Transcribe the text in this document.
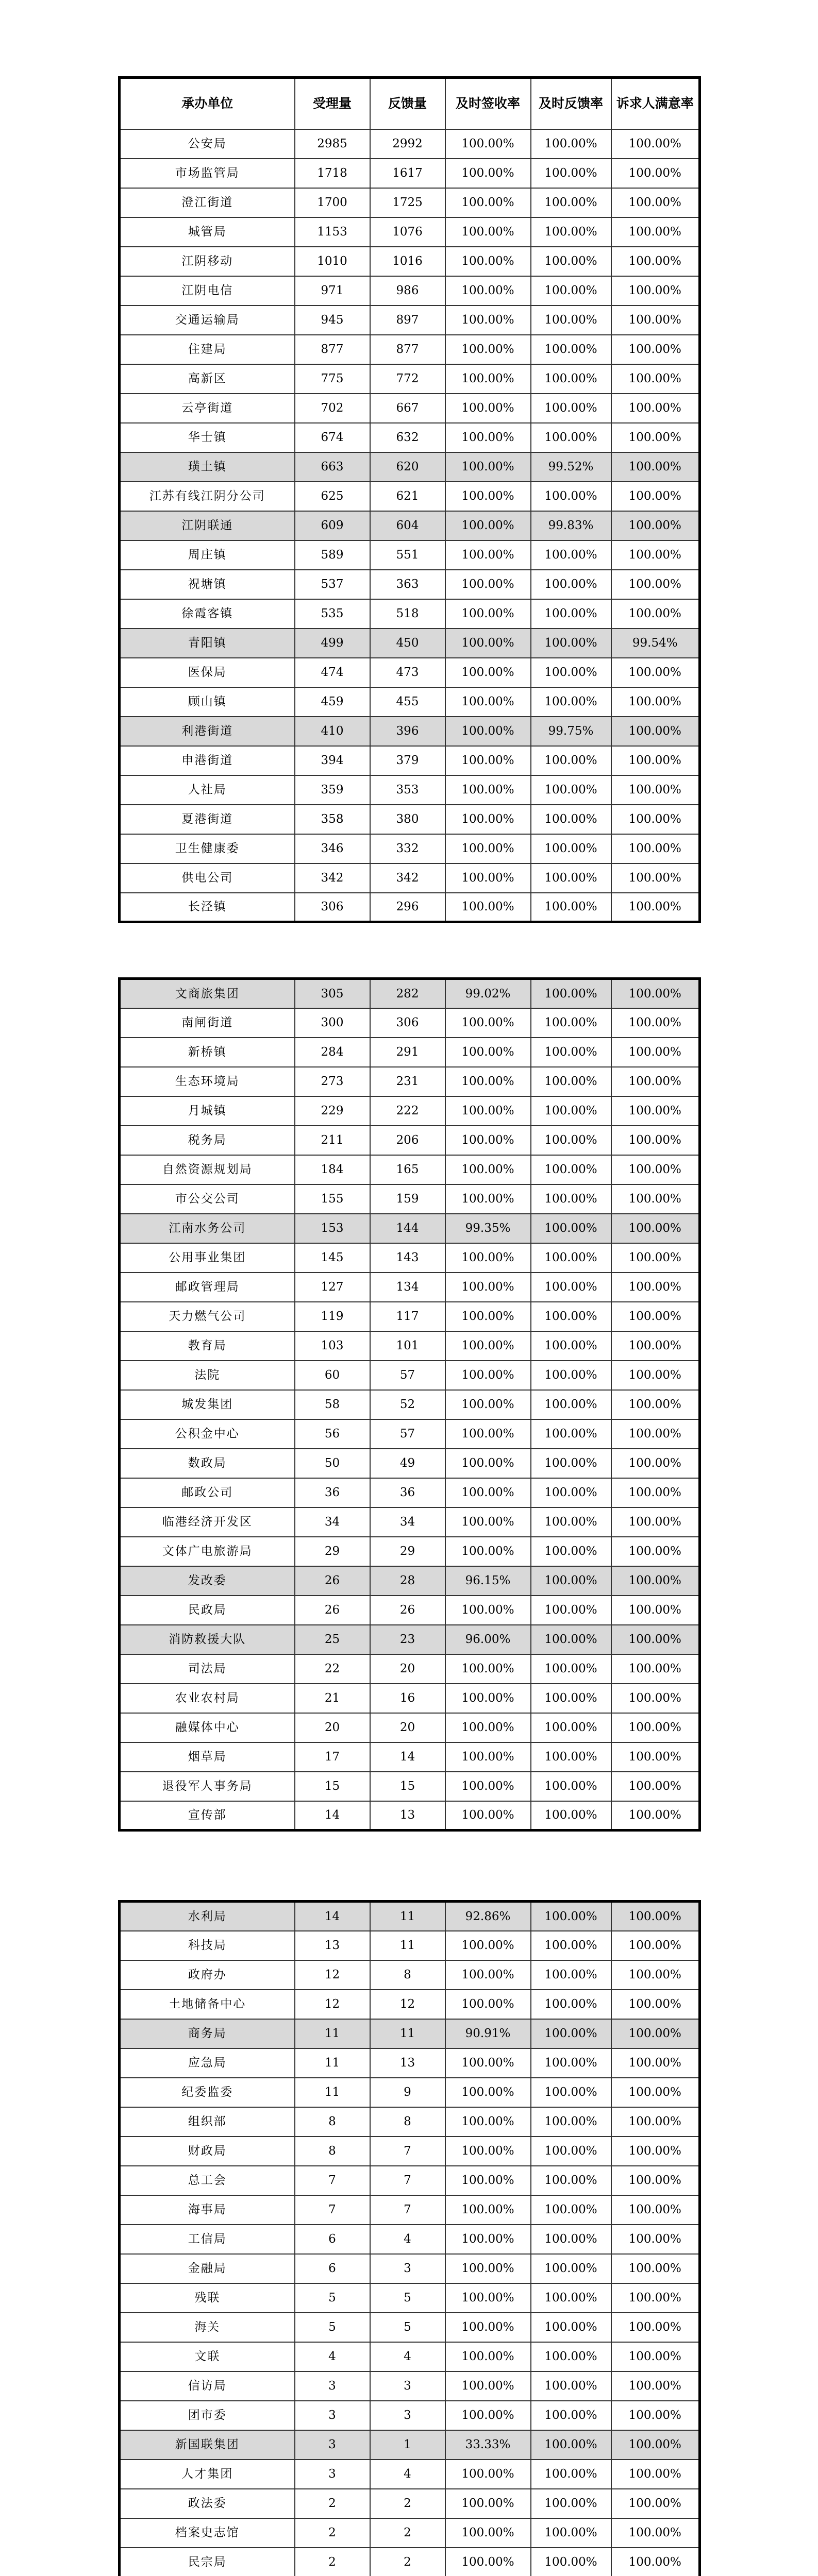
承办单位	受理量	反馈量	及时签收率	及时反馈率	诉求人满意率
公安局	2985	2992	100.00%	100.00%	100.00%
市场监管局	1718	1617	100.00%	100.00%	100.00%
澄江街道	1700	1725	100.00%	100.00%	100.00%
城管局	1153	1076	100.00%	100.00%	100.00%
江阴移动	1010	1016	100.00%	100.00%	100.00%
江阴电信	971	986	100.00%	100.00%	100.00%
交通运输局	945	897	100.00%	100.00%	100.00%
住建局	877	877	100.00%	100.00%	100.00%
高新区	775	772	100.00%	100.00%	100.00%
云亭街道	702	667	100.00%	100.00%	100.00%
华士镇	674	632	100.00%	100.00%	100.00%
璜土镇	663	620	100.00%	99.52%	100.00%
江苏有线江阴分公司	625	621	100.00%	100.00%	100.00%
江阴联通	609	604	100.00%	99.83%	100.00%
周庄镇	589	551	100.00%	100.00%	100.00%
祝塘镇	537	363	100.00%	100.00%	100.00%
徐霞客镇	535	518	100.00%	100.00%	100.00%
青阳镇	499	450	100.00%	100.00%	99.54%
医保局	474	473	100.00%	100.00%	100.00%
顾山镇	459	455	100.00%	100.00%	100.00%
利港街道	410	396	100.00%	99.75%	100.00%
申港街道	394	379	100.00%	100.00%	100.00%
人社局	359	353	100.00%	100.00%	100.00%
夏港街道	358	380	100.00%	100.00%	100.00%
卫生健康委	346	332	100.00%	100.00%	100.00%
供电公司	342	342	100.00%	100.00%	100.00%
长泾镇	306	296	100.00%	100.00%	100.00%
文商旅集团	305	282	99.02%	100.00%	100.00%
南闸街道	300	306	100.00%	100.00%	100.00%
新桥镇	284	291	100.00%	100.00%	100.00%
生态环境局	273	231	100.00%	100.00%	100.00%
月城镇	229	222	100.00%	100.00%	100.00%
税务局	211	206	100.00%	100.00%	100.00%
自然资源规划局	184	165	100.00%	100.00%	100.00%
市公交公司	155	159	100.00%	100.00%	100.00%
江南水务公司	153	144	99.35%	100.00%	100.00%
公用事业集团	145	143	100.00%	100.00%	100.00%
邮政管理局	127	134	100.00%	100.00%	100.00%
天力燃气公司	119	117	100.00%	100.00%	100.00%
教育局	103	101	100.00%	100.00%	100.00%
法院	60	57	100.00%	100.00%	100.00%
城发集团	58	52	100.00%	100.00%	100.00%
公积金中心	56	57	100.00%	100.00%	100.00%
数政局	50	49	100.00%	100.00%	100.00%
邮政公司	36	36	100.00%	100.00%	100.00%
临港经济开发区	34	34	100.00%	100.00%	100.00%
文体广电旅游局	29	29	100.00%	100.00%	100.00%
发改委	26	28	96.15%	100.00%	100.00%
民政局	26	26	100.00%	100.00%	100.00%
消防救援大队	25	23	96.00%	100.00%	100.00%
司法局	22	20	100.00%	100.00%	100.00%
农业农村局	21	16	100.00%	100.00%	100.00%
融媒体中心	20	20	100.00%	100.00%	100.00%
烟草局	17	14	100.00%	100.00%	100.00%
退役军人事务局	15	15	100.00%	100.00%	100.00%
宣传部	14	13	100.00%	100.00%	100.00%
水利局	14	11	92.86%	100.00%	100.00%
科技局	13	11	100.00%	100.00%	100.00%
政府办	12	8	100.00%	100.00%	100.00%
土地储备中心	12	12	100.00%	100.00%	100.00%
商务局	11	11	90.91%	100.00%	100.00%
应急局	11	13	100.00%	100.00%	100.00%
纪委监委	11	9	100.00%	100.00%	100.00%
组织部	8	8	100.00%	100.00%	100.00%
财政局	8	7	100.00%	100.00%	100.00%
总工会	7	7	100.00%	100.00%	100.00%
海事局	7	7	100.00%	100.00%	100.00%
工信局	6	4	100.00%	100.00%	100.00%
金融局	6	3	100.00%	100.00%	100.00%
残联	5	5	100.00%	100.00%	100.00%
海关	5	5	100.00%	100.00%	100.00%
文联	4	4	100.00%	100.00%	100.00%
信访局	3	3	100.00%	100.00%	100.00%
团市委	3	3	100.00%	100.00%	100.00%
新国联集团	3	1	33.33%	100.00%	100.00%
人才集团	3	4	100.00%	100.00%	100.00%
政法委	2	2	100.00%	100.00%	100.00%
档案史志馆	2	2	100.00%	100.00%	100.00%
民宗局	2	2	100.00%	100.00%	100.00%
